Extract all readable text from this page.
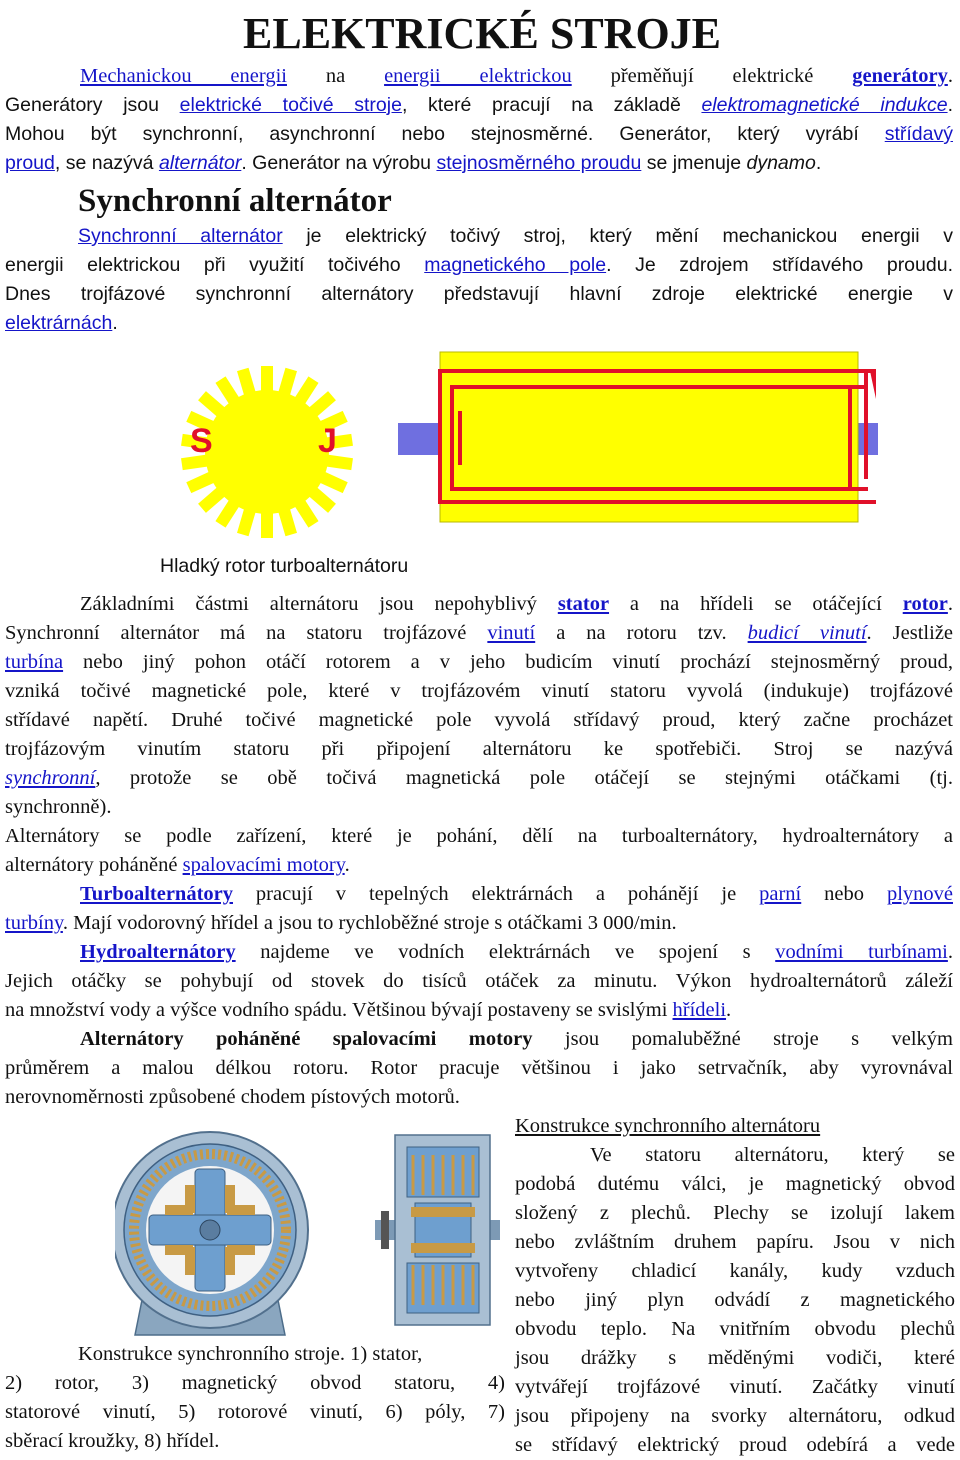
ELEKTRICKÉ STROJE
Mechanickou energii na energii elektrickou přeměňují elektrické generátory.
Generátory jsou elektrické točivé stroje, které pracují na základě elektromagnetické indukce.
Mohou být synchronní, asynchronní nebo stejnosměrné. Generátor, který vyrábí střídavý
proud, se nazývá alternátor. Generátor na výrobu stejnosměrného proudu se jmenuje dynamo.
Synchronní alternátor
Synchronní alternátor je elektrický točivý stroj, který mění mechanickou energii v
energii elektrickou při využití točivého magnetického pole. Je zdrojem střídavého proudu.
Dnes trojfázové synchronní alternátory představují hlavní zdroje elektrické energie v
elektrárnách.
S	J
Hladký rotor turboalternátoru
Základními částmi alternátoru jsou nepohyblivý stator a na hřídeli se otáčející rotor.
Synchronní alternátor má na statoru trojfázové vinutí a na rotoru tzv. budicí vinutí. Jestliže
turbína nebo jiný pohon otáčí rotorem a v jeho budicím vinutí prochází stejnosměrný proud,
vzniká točivé magnetické pole, které v trojfázovém vinutí statoru vyvolá (indukuje) trojfázové
střídavé napětí. Druhé točivé magnetické pole vyvolá střídavý proud, který začne procházet
trojfázovým vinutím statoru při připojení alternátoru ke spotřebiči. Stroj se nazývá
synchronní, protože se obě točivá magnetická pole otáčejí se stejnými otáčkami (tj.
synchronně).
Alternátory se podle zařízení, které je pohání, dělí na turboalternátory, hydroalternátory a
alternátory poháněné spalovacími motory.
Turboalternátory pracují v tepelných elektrárnách a pohánějí je parní nebo plynové
turbíny. Mají vodorovný hřídel a jsou to rychloběžné stroje s otáčkami 3 000/min.
Hydroalternátory najdeme ve vodních elektrárnách ve spojení s vodními turbínami.
Jejich otáčky se pohybují od stovek do tisíců otáček za minutu. Výkon hydroalternátorů záleží
na množství vody a výšce vodního spádu. Většinou bývají postaveny se svislými hřídeli.
Alternátory poháněné spalovacími motory jsou pomaluběžné stroje s velkým
průměrem a malou délkou rotoru. Rotor pracuje většinou i jako setrvačník, aby vyrovnával
nerovnoměrnosti způsobené chodem pístových motorů.
Konstrukce synchronního alternátoru
Ve statoru alternátoru, který se
podobá dutému válci, je magnetický obvod
složený z plechů. Plechy se izolují lakem
nebo zvláštním druhem papíru. Jsou v nich
vytvořeny chladicí kanály, kudy vzduch
nebo jiný plyn odvádí z magnetického
obvodu teplo. Na vnitřním obvodu plechů
jsou drážky s měděnými vodiči, které
vytvářejí trojfázové vinutí. Začátky vinutí
jsou připojeny na svorky alternátoru, odkud
se střídavý elektrický proud odebírá a vede
Konstrukce synchronního stroje. 1) stator,
2) rotor, 3) magnetický obvod statoru, 4)
statorové vinutí, 5) rotorové vinutí, 6) póly, 7)
sběrací kroužky, 8) hřídel.
